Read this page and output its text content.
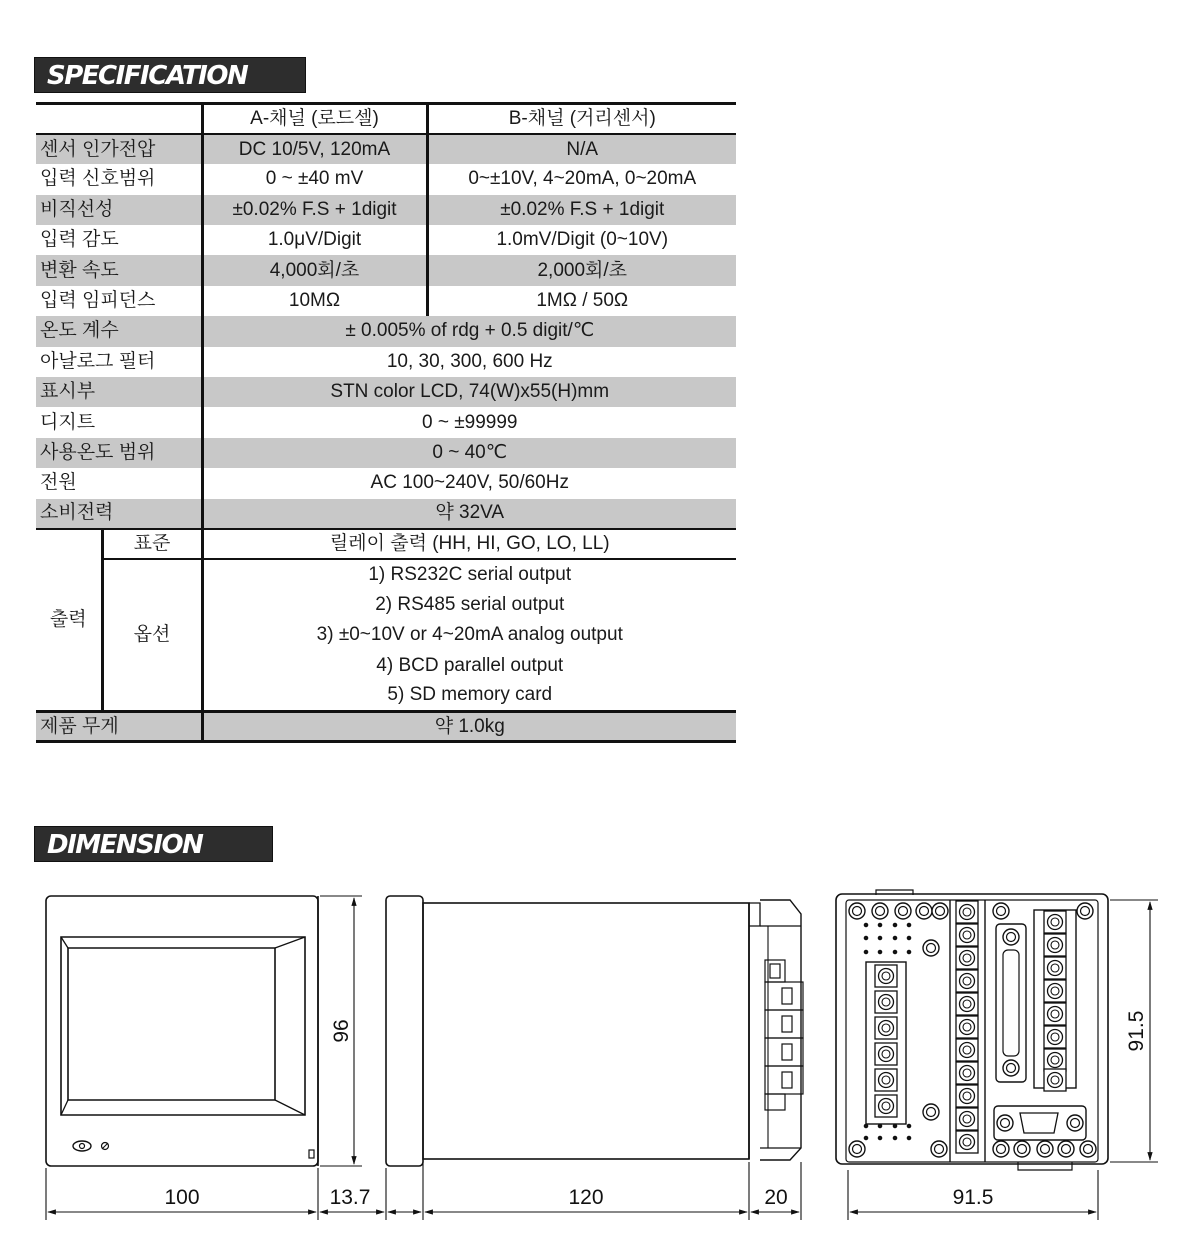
SPECIFICATION
		A-채널 (로드셀)	B-채널 (거리센서)
센서 인가전압		DC 10/5V, 120mA	N/A
입력 신호범위		0 ~ ±40 mV	0~±10V, 4~20mA, 0~20mA
비직선성		±0.02% F.S + 1digit	±0.02% F.S + 1digit
입력 감도		1.0μV/Digit	1.0mV/Digit (0~10V)
변환 속도		4,000회/초	2,000회/초
입력 임피던스		10MΩ	1MΩ / 50Ω
온도 계수		± 0.005% of rdg + 0.5 digit/℃	
아날로그 필터		10, 30, 300, 600 Hz	
표시부		STN color LCD, 74(W)x55(H)mm	
디지트		0 ~ ±99999	
사용온도 범위		0 ~ 40℃	
전원		AC 100~240V, 50/60Hz	
소비전력		약 32VA	
출력	표준	릴레이 출력 (HH, HI, GO, LO, LL)	
	옵션	1) RS232C serial output	
		2) RS485 serial output	
		3) ±0~10V or 4~20mA analog output	
		4) BCD parallel output	
		5) SD memory card	
제품 무게		약 1.0kg	
DIMENSION
100	13.7	120	20	91.5
96	91.5
